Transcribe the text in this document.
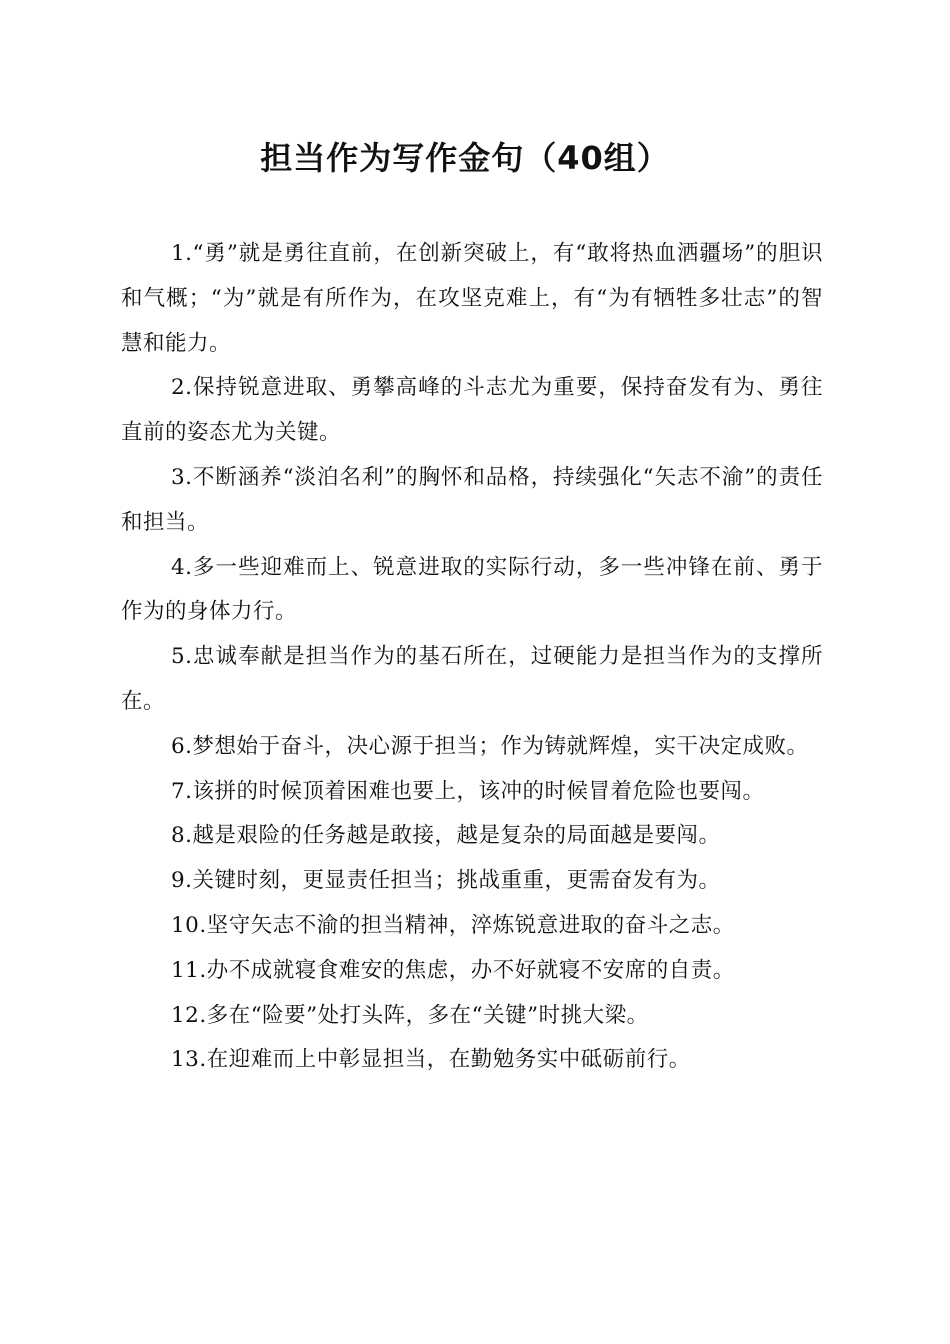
担当作为写作金句（40组）

1.“勇”就是勇往直前，在创新突破上，有“敢将热血洒疆场”的胆识和气概；“为”就是有所作为，在攻坚克难上，有“为有牺牲多壮志”的智慧和能力。

2.保持锐意进取、勇攀高峰的斗志尤为重要，保持奋发有为、勇往直前的姿态尤为关键。

3.不断涵养“淡泊名利”的胸怀和品格，持续强化“矢志不渝”的责任和担当。

4.多一些迎难而上、锐意进取的实际行动，多一些冲锋在前、勇于作为的身体力行。

5.忠诚奉献是担当作为的基石所在，过硬能力是担当作为的支撑所在。

6.梦想始于奋斗，决心源于担当；作为铸就辉煌，实干决定成败。

7.该拼的时候顶着困难也要上，该冲的时候冒着危险也要闯。

8.越是艰险的任务越是敢接，越是复杂的局面越是要闯。

9.关键时刻，更显责任担当；挑战重重，更需奋发有为。

10.坚守矢志不渝的担当精神，淬炼锐意进取的奋斗之志。

11.办不成就寝食难安的焦虑，办不好就寝不安席的自责。

12.多在“险要”处打头阵，多在“关键”时挑大梁。

13.在迎难而上中彰显担当，在勤勉务实中砥砺前行。
